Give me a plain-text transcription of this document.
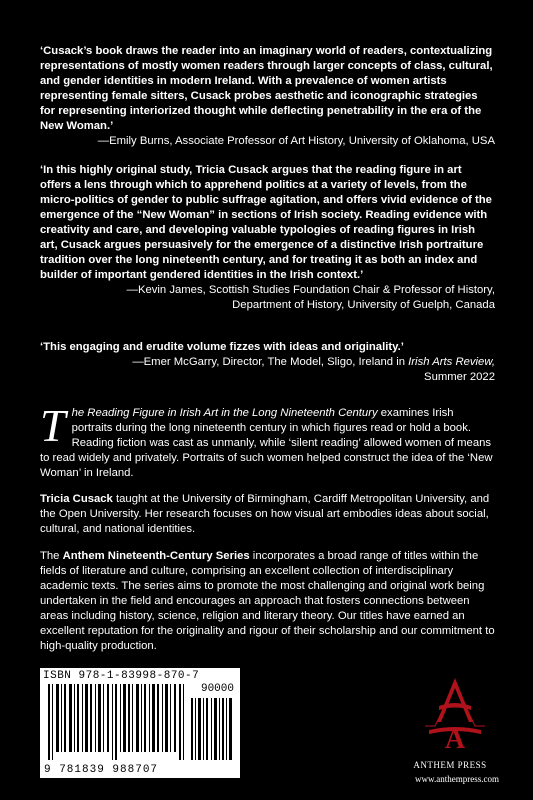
‘Cusack’s book draws the reader into an imaginary world of readers, contextualizing representations of mostly women readers through larger concepts of class, cultural, and gender identities in modern Ireland. With a prevalence of women artists representing female sitters, Cusack probes aesthetic and iconographic strategies for representing interiorized thought while deflecting penetrability in the era of the New Woman.’
—Emily Burns, Associate Professor of Art History, University of Oklahoma, USA
‘In this highly original study, Tricia Cusack argues that the reading figure in art offers a lens through which to apprehend politics at a variety of levels, from the micro-politics of gender to public suffrage agitation, and offers vivid evidence of the emergence of the “New Woman” in sections of Irish society. Reading evidence with creativity and care, and developing valuable typologies of reading figures in Irish art, Cusack argues persuasively for the emergence of a distinctive Irish portraiture tradition over the long nineteenth century, and for treating it as both an index and builder of important gendered identities in the Irish context.’
—Kevin James, Scottish Studies Foundation Chair & Professor of History,
Department of History, University of Guelph, Canada
‘This engaging and erudite volume fizzes with ideas and originality.’
—Emer McGarry, Director, The Model, Sligo, Ireland in Irish Arts Review,
Summer 2022
The Reading Figure in Irish Art in the Long Nineteenth Century examines Irish portraits during the long nineteenth century in which figures read or hold a book. Reading fiction was cast as unmanly, while ‘silent reading’ allowed women of means to read widely and privately. Portraits of such women helped construct the idea of the ‘New Woman’ in Ireland.
Tricia Cusack taught at the University of Birmingham, Cardiff Metropolitan University, and the Open University. Her research focuses on how visual art embodies ideas about social, cultural, and national identities.
The Anthem Nineteenth-Century Series incorporates a broad range of titles within the fields of literature and culture, comprising an excellent collection of interdisciplinary academic texts. The series aims to promote the most challenging and original work being undertaken in the field and encourages an approach that fosters connections between areas including history, science, religion and literary theory. Our titles have earned an excellent reputation for the originality and rigour of their scholarship and our commitment to high-quality production.
ISBN 978-1-83998-870-7
90000
9 781839 988707
A
ANTHEM PRESS
www.anthempress.com
